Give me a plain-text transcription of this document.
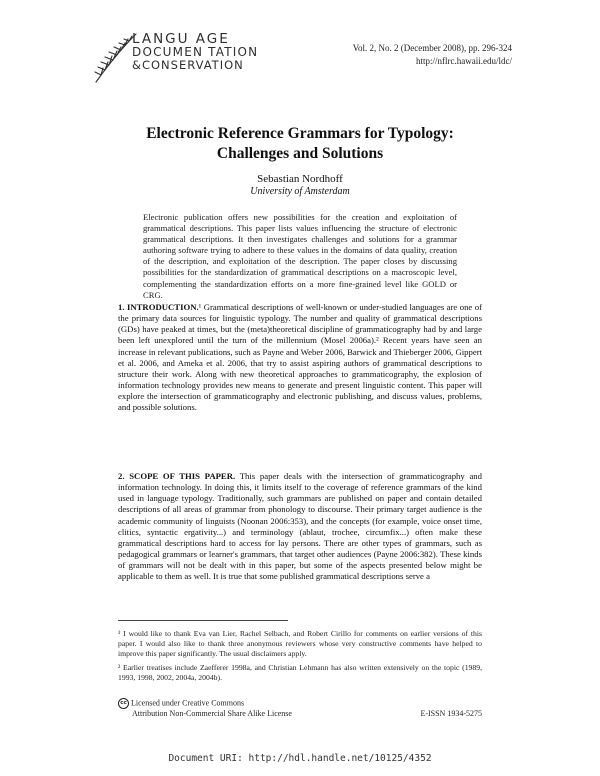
LANGU AGE
DOCUMEN TATION
&CONSERVATION
Vol. 2, No. 2 (December 2008), pp. 296-324
http://nflrc.hawaii.edu/ldc/
Electronic Reference Grammars for Typology:
Challenges and Solutions
Sebastian Nordhoff
University of Amsterdam
Electronic publication offers new possibilities for the creation and exploitation of grammatical descriptions. This paper lists values influencing the structure of electronic grammatical descriptions. It then investigates challenges and solutions for a grammar authoring software trying to adhere to these values in the domains of data quality, creation of the description, and exploitation of the description. The paper closes by discussing possibilities for the standardization of grammatical descriptions on a macroscopic level, complementing the standardization efforts on a more fine-grained level like GOLD or CRG.
1. INTRODUCTION.¹ Grammatical descriptions of well-known or under-studied languages are one of the primary data sources for linguistic typology. The number and quality of grammatical descriptions (GDs) have peaked at times, but the (meta)theoretical discipline of grammaticography had by and large been left unexplored until the turn of the millennium (Mosel 2006a).² Recent years have seen an increase in relevant publications, such as Payne and Weber 2006, Barwick and Thieberger 2006, Gippert et al. 2006, and Ameka et al. 2006, that try to assist aspiring authors of grammatical descriptions to structure their work. Along with new theoretical approaches to grammaticography, the explosion of information technology provides new means to generate and present linguistic content. This paper will explore the intersection of grammaticography and electronic publishing, and discuss values, problems, and possible solutions.
2. SCOPE OF THIS PAPER. This paper deals with the intersection of grammaticography and information technology. In doing this, it limits itself to the coverage of reference grammars of the kind used in language typology. Traditionally, such grammars are published on paper and contain detailed descriptions of all areas of grammar from phonology to discourse. Their primary target audience is the academic community of linguists (Noonan 2006:353), and the concepts (for example, voice onset time, clitics, syntactic ergativity...) and terminology (ablaut, trochee, circumfix...) often make these grammatical descriptions hard to access for lay persons. There are other types of grammars, such as pedagogical grammars or learner's grammars, that target other audiences (Payne 2006:382). These kinds of grammars will not be dealt with in this paper, but some of the aspects presented below might be applicable to them as well. It is true that some published grammatical descriptions serve a
¹ I would like to thank Eva van Lier, Rachel Selbach, and Robert Cirillo for comments on earlier versions of this paper. I would also like to thank three anonymous reviewers whose very constructive comments have helped to improve this paper significantly. The usual disclaimers apply.
² Earlier treatises include Zaefferer 1998a, and Christian Lehmann has also written extensively on the topic (1989, 1993, 1998, 2002, 2004a, 2004b).
cc Licensed under Creative Commons
Attribution Non-Commercial Share Alike License	E-ISSN 1934-5275
Document URI: http://hdl.handle.net/10125/4352
